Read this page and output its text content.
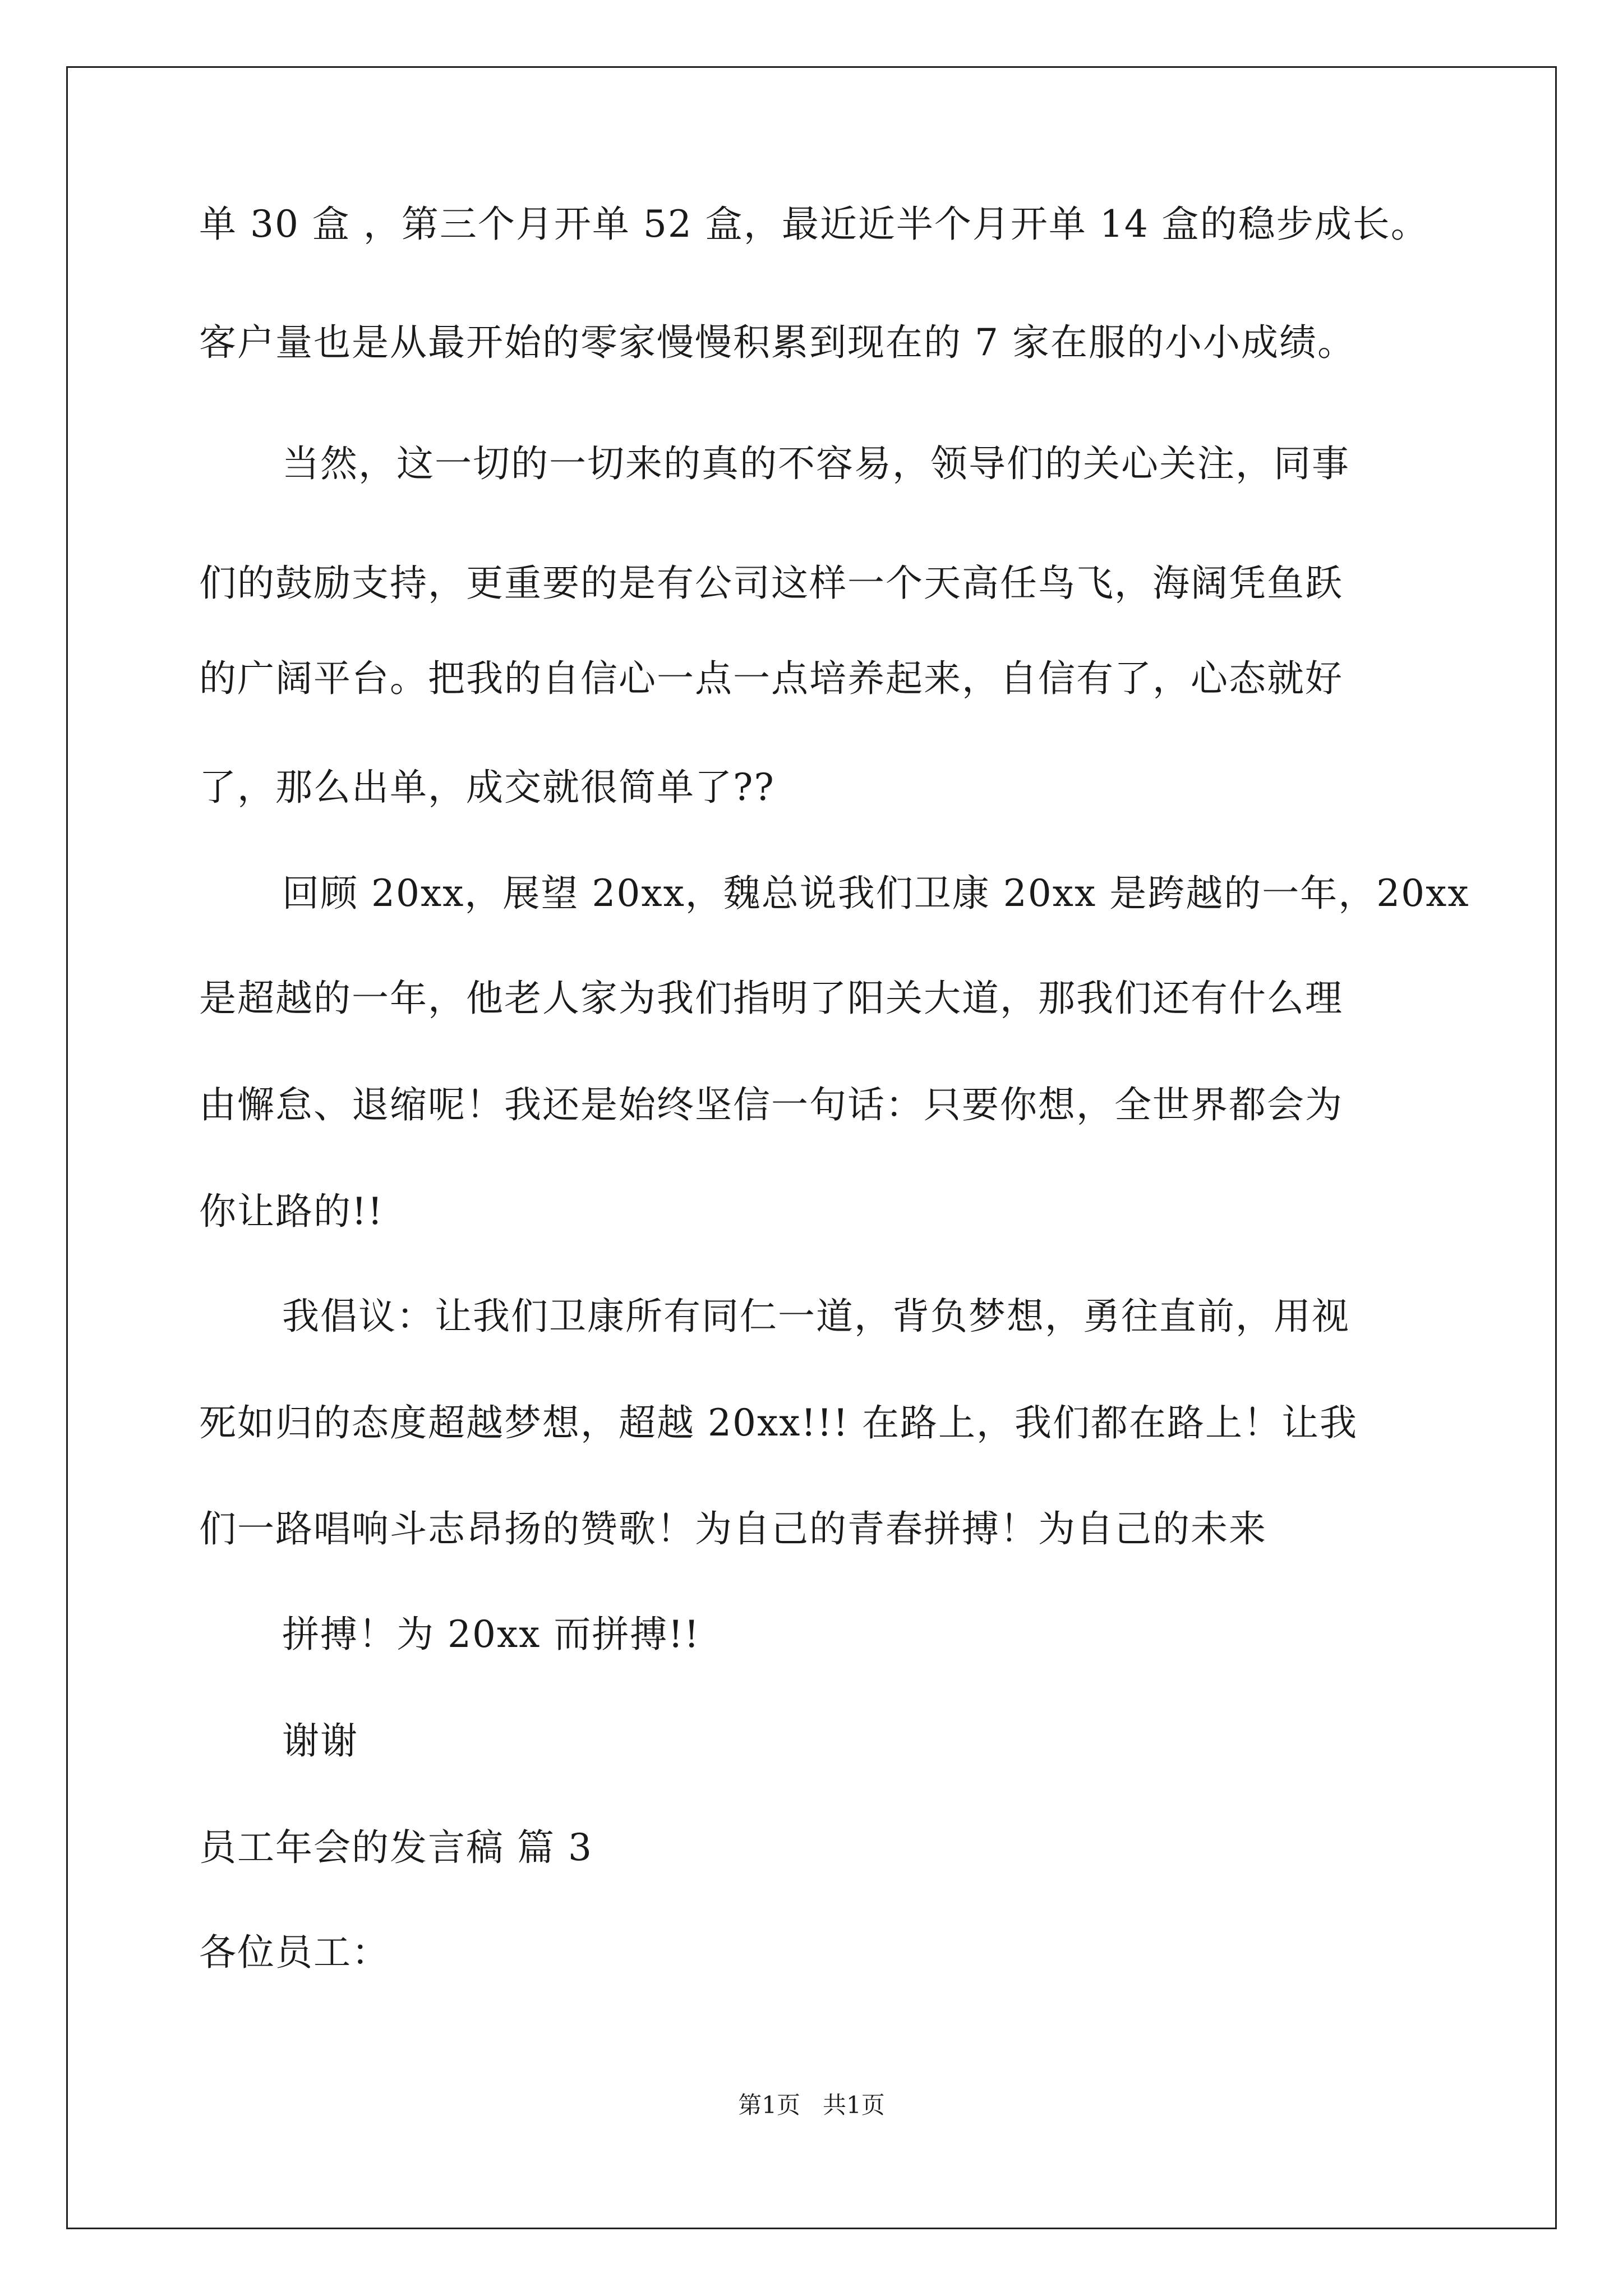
单 30 盒 ，第三个月开单 52 盒，最近近半个月开单 14 盒的稳步成长。
客户量也是从最开始的零家慢慢积累到现在的 7 家在服的小小成绩。
当然，这一切的一切来的真的不容易，领导们的关心关注，同事
们的鼓励支持，更重要的是有公司这样一个天高任鸟飞，海阔凭鱼跃
的广阔平台。把我的自信心一点一点培养起来，自信有了，心态就好
了，那么出单，成交就很简单了??
回顾 20xx，展望 20xx，魏总说我们卫康 20xx 是跨越的一年，20xx
是超越的一年，他老人家为我们指明了阳关大道，那我们还有什么理
由懈怠、退缩呢！我还是始终坚信一句话：只要你想，全世界都会为
你让路的!!
我倡议：让我们卫康所有同仁一道，背负梦想，勇往直前，用视
死如归的态度超越梦想，超越 20xx!!! 在路上，我们都在路上！让我
们一路唱响斗志昂扬的赞歌！为自己的青春拼搏！为自己的未来
拼搏！为 20xx 而拼搏!!
谢谢
员工年会的发言稿 篇 3
各位员工：
第1页   共1页
